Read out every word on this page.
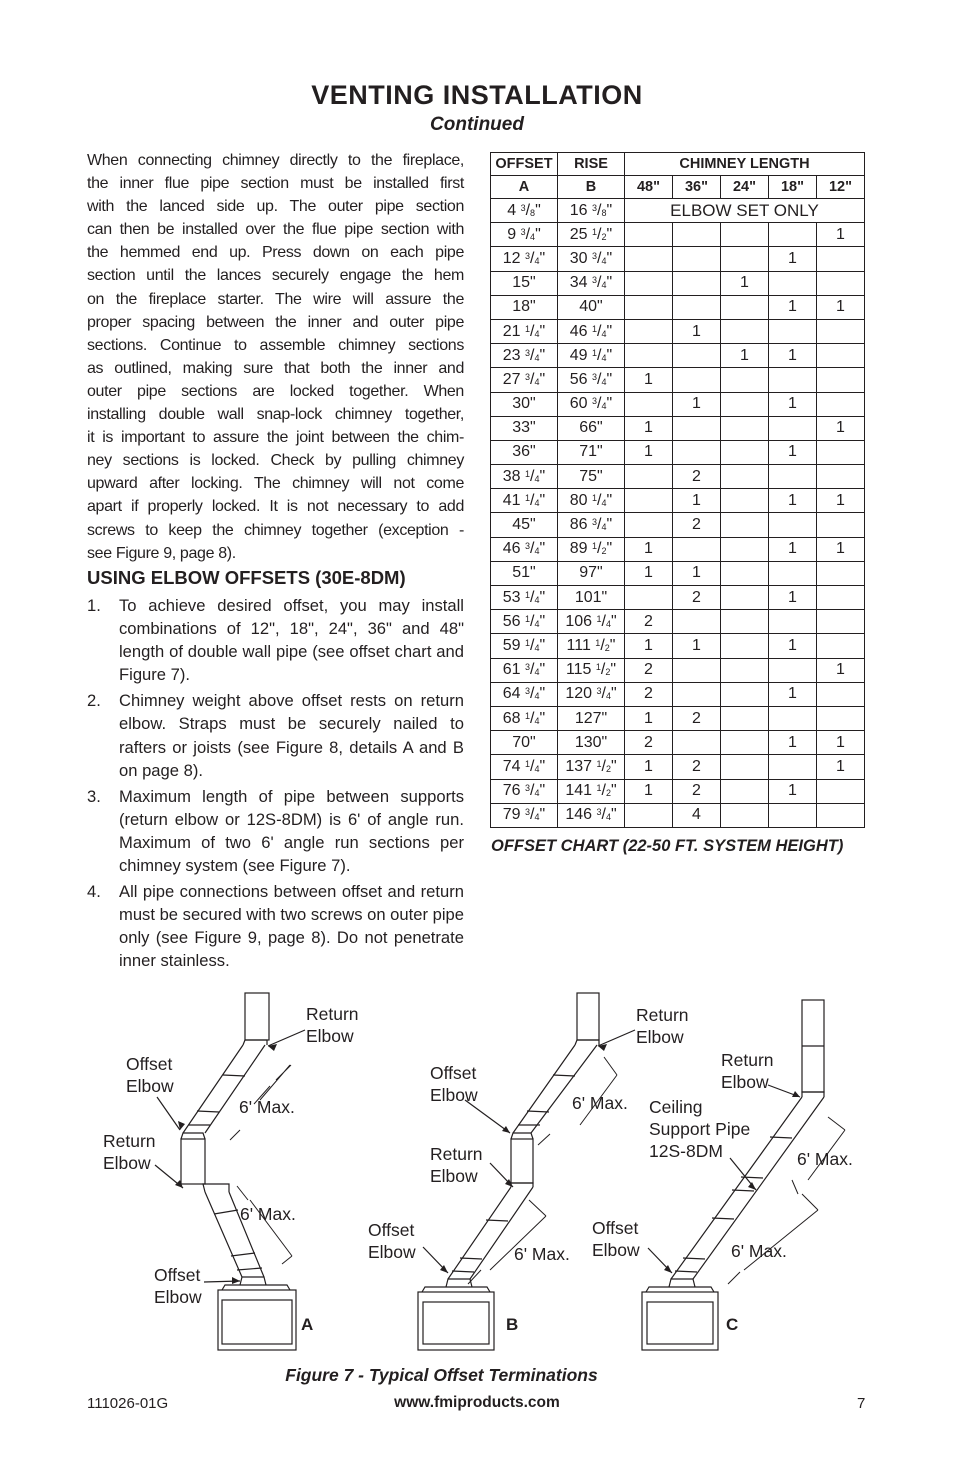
VENTING INSTALLATION
Continued
When connecting chimney directly to the fireplace,
the inner flue pipe section must be installed first
with the lanced side up. The outer pipe section
can then be installed over the flue pipe section with
the hemmed end up. Press down on each pipe
section until the lances securely engage the hem
on the fireplace starter. The wire will assure the
proper spacing between the inner and outer pipe
sections. Continue to assemble chimney sections
as outlined, making sure that both the inner and
outer pipe sections are locked together. When
installing double wall snap-lock chimney together,
it is important to assure the joint between the chim-
ney sections is locked. Check by pulling chimney
upward after locking. The chimney will not come
apart if properly locked. It is not necessary to add
screws to keep the chimney together (exception -
see Figure 9, page 8).
USING ELBOW OFFSETS (30E-8DM)
1. To achieve desired offset, you may install combinations of 12", 18", 24", 36" and 48" length of double wall pipe (see offset chart and Figure 7).
2. Chimney weight above offset rests on return elbow. Straps must be securely nailed to rafters or joists (see Figure 8, details A and B on page 8).
3. Maximum length of pipe between supports (return elbow or 12S-8DM) is 6' of angle run. Maximum of two 6' angle run sections per chimney system (see Figure 7).
4. All pipe connections between offset and return must be secured with two screws on outer pipe only (see Figure 9, page 8). Do not penetrate inner stainless.
OFFSET	RISE	CHIMNEY LENGTH				
A	B	48"	36"	24"	18"	12"
4 $^3/_8$"	16 $^3/_8$"	ELBOW SET ONLY				
9 $^3/_4$"	25 $^1/_2$"					1
12 $^3/_4$"	30 $^3/_4$"				1	
15"	34 $^3/_4$"			1		
18"	40"				1	1
21 $^1/_4$"	46 $^1/_4$"		1			
23 $^3/_4$"	49 $^1/_4$"			1	1	
27 $^3/_4$"	56 $^3/_4$"	1				
30"	60 $^3/_4$"		1		1	
33"	66"	1				1
36"	71"	1			1	
38 $^1/_4$"	75"		2			
41 $^1/_4$"	80 $^1/_4$"		1		1	1
45"	86 $^3/_4$"		2			
46 $^3/_4$"	89 $^1/_2$"	1			1	1
51"	97"	1	1			
53 $^1/_4$"	101"		2		1	
56 $^1/_4$"	106 $^1/_4$"	2				
59 $^1/_4$"	111 $^1/_2$"	1	1		1	
61 $^3/_4$"	115 $^1/_2$"	2				1
64 $^3/_4$"	120 $^3/_4$"	2			1	
68 $^1/_4$"	127"	1	2			
70"	130"	2			1	1
74 $^1/_4$"	137 $^1/_2$"	1	2			1
76 $^3/_4$"	141 $^1/_2$"	1	2		1	
79 $^3/_4$"	146 $^3/_4$"		4			
OFFSET CHART (22-50 FT. SYSTEM HEIGHT)
Return
Elbow
Offset
Elbow
6' Max.
Return
Elbow
6' Max.
Offset
Elbow
A
Return
Elbow
Offset
Elbow	6' Max.
Return
Elbow
Offset
Elbow	6' Max.
B
Return
Elbow
Ceiling
Support Pipe
12S-8DM	6' Max.
Offset
Elbow	6' Max.
C
Figure 7 - Typical Offset Terminations
111026-01G	www.fmiproducts.com	7
